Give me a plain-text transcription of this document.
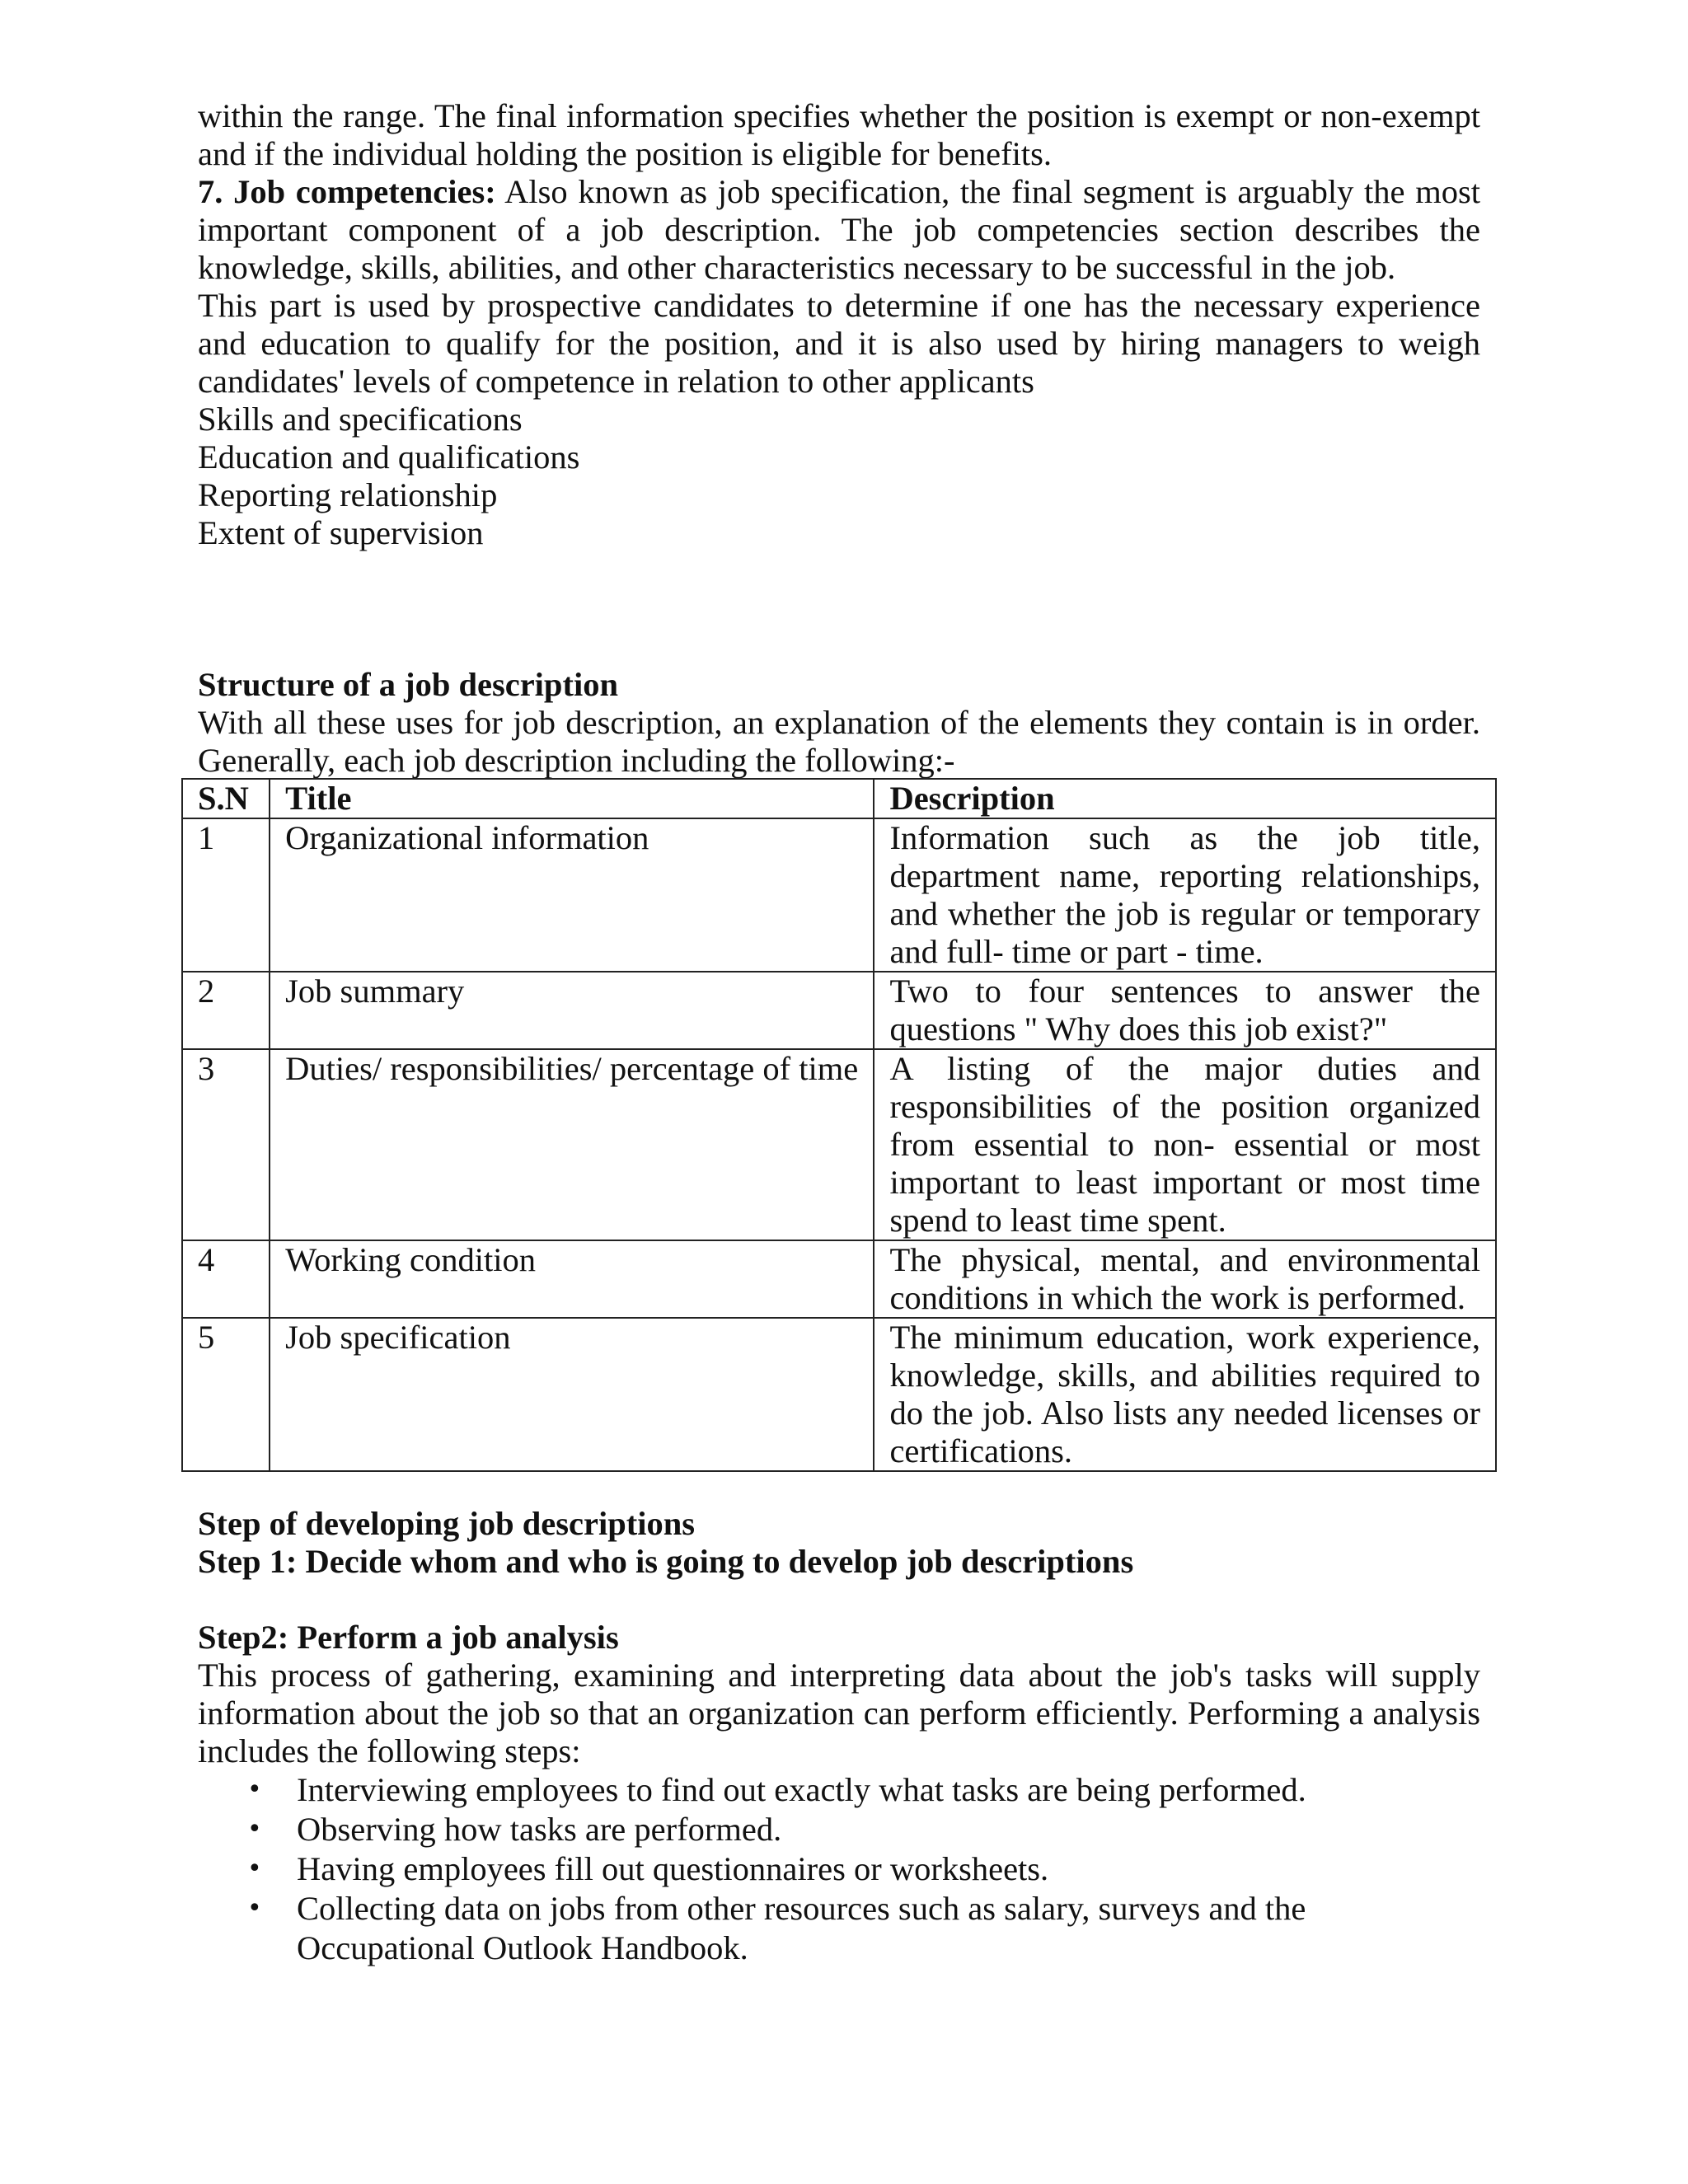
within the range. The final information specifies whether the position is exempt or non-exempt and if the individual holding the position is eligible for benefits.

7. Job competencies: Also known as job specification, the final segment is arguably the most important component of a job description. The job competencies section describes the knowledge, skills, abilities, and other characteristics necessary to be successful in the job.

This part is used by prospective candidates to determine if one has the necessary experience and education to qualify for the position, and it is also used by hiring managers to weigh candidates' levels of competence in relation to other applicants

Skills and specifications
Education and qualifications
Reporting relationship
Extent of supervision

Structure of a job description

With all these uses for job description, an explanation of the elements they contain is in order. Generally, each job description including the following:-

S.N	Title	Description
1	Organizational information	Information such as the job title, department name, reporting relationships, and whether the job is regular or temporary and full- time or part - time.
2	Job summary	Two to four sentences to answer the questions " Why does this job exist?"
3	Duties/ responsibilities/ percentage of time	A listing of the major duties and responsibilities of the position organized from essential to non- essential or most important to least important or most time spend to least time spent.
4	Working condition	The physical, mental, and environmental conditions in which the work is performed.
5	Job specification	The minimum education, work experience, knowledge, skills, and abilities required to do the job. Also lists any needed licenses or certifications.

Step of developing job descriptions

Step 1: Decide whom and who is going to develop job descriptions

Step2: Perform a job analysis

This process of gathering, examining and interpreting data about the job's tasks will supply information about the job so that an organization can perform efficiently. Performing a analysis includes the following steps:

• Interviewing employees to find out exactly what tasks are being performed.
• Observing how tasks are performed.
• Having employees fill out questionnaires or worksheets.
• Collecting data on jobs from other resources such as salary, surveys and the Occupational Outlook Handbook.
